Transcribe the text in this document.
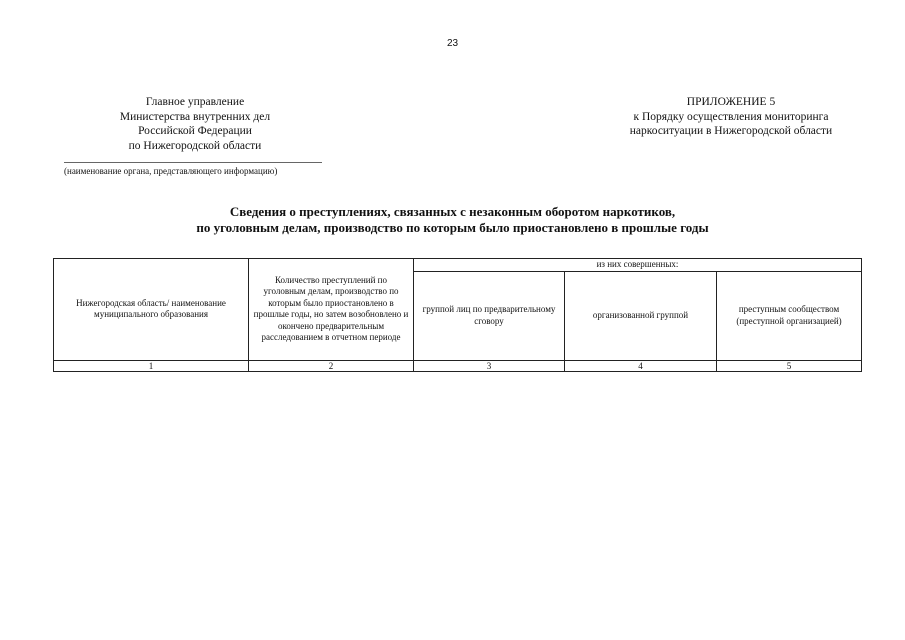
23
Главное управление
Министерства внутренних дел
Российской Федерации
по Нижегородской области
ПРИЛОЖЕНИЕ 5
к Порядку осуществления мониторинга
наркоситуации в Нижегородской области
(наименование органа, представляющего информацию)
Сведения о преступлениях, связанных с незаконным оборотом наркотиков,
по уголовным делам, производство по которым было приостановлено в прошлые годы
Нижегородская область/ наименование муниципального образования	Количество преступлений по уголовным делам, производство по которым было приостановлено в прошлые годы, но затем возобновлено и окончено предварительным расследованием в отчетном периоде	из них совершенных:		
		группой лиц по предварительному сговору	организованной группой	преступным сообществом (преступной организацией)
1	2	3	4	5
